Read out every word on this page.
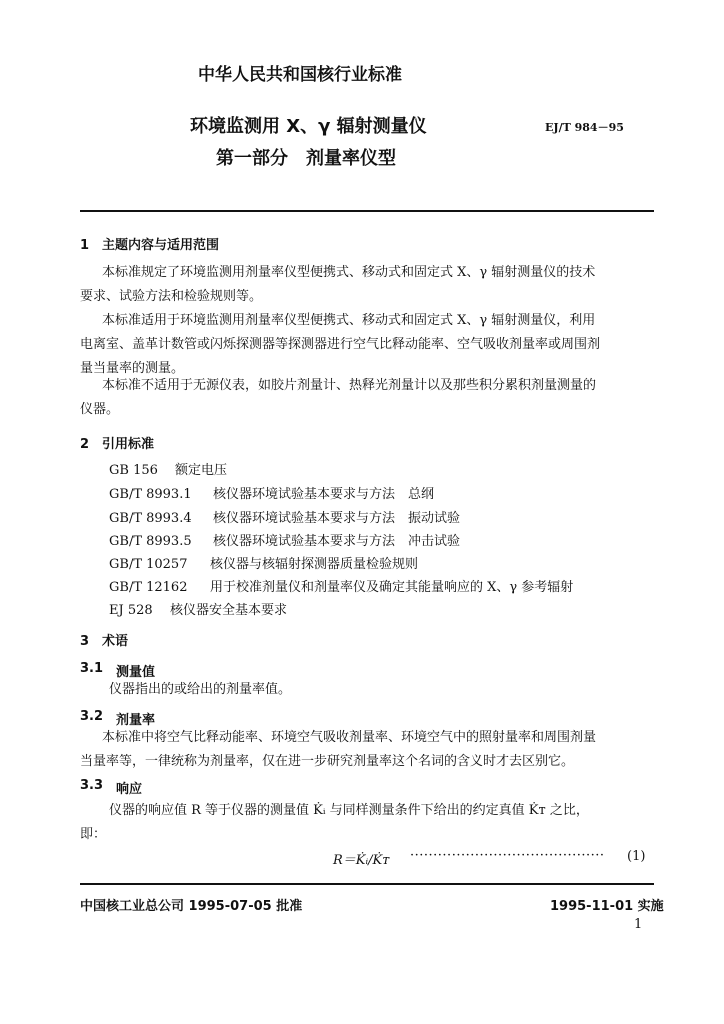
中华人民共和国核行业标准
环境监测用 X、γ 辐射测量仪
第一部分　剂量率仪型
EJ/T 984－95
1　主题内容与适用范围
本标准规定了环境监测用剂量率仪型便携式、移动式和固定式 X、γ 辐射测量仪的技术
要求、试验方法和检验规则等。
本标准适用于环境监测用剂量率仪型便携式、移动式和固定式 X、γ 辐射测量仪，利用
电离室、盖革计数管或闪烁探测器等探测器进行空气比释动能率、空气吸收剂量率或周围剂
量当量率的测量。
本标准不适用于无源仪表，如胶片剂量计、热释光剂量计以及那些积分累积剂量测量的
仪器。
2　引用标准
GB 156 额定电压
GB/T 8993.1 核仪器环境试验基本要求与方法　总纲
GB/T 8993.4 核仪器环境试验基本要求与方法　振动试验
GB/T 8993.5 核仪器环境试验基本要求与方法　冲击试验
GB/T 10257 核仪器与核辐射探测器质量检验规则
GB/T 12162 用于校准剂量仪和剂量率仪及确定其能量响应的 X、γ 参考辐射
EJ 528 核仪器安全基本要求
3　术语
3.1 测量值
仪器指出的或给出的剂量率值。
3.2 剂量率
本标准中将空气比释动能率、环境空气吸收剂量率、环境空气中的照射量率和周围剂量
当量率等，一律统称为剂量率，仅在进一步研究剂量率这个名词的含义时才去区别它。
3.3 响应
仪器的响应值 R 等于仪器的测量值 K̇ᵢ 与同样测量条件下给出的约定真值 K̇ᴛ 之比，
即：
R＝K̇ᵢ/K̇ᴛ ·········································· (1)
中国核工业总公司 1995-07-05 批准	1995-11-01 实施
1
